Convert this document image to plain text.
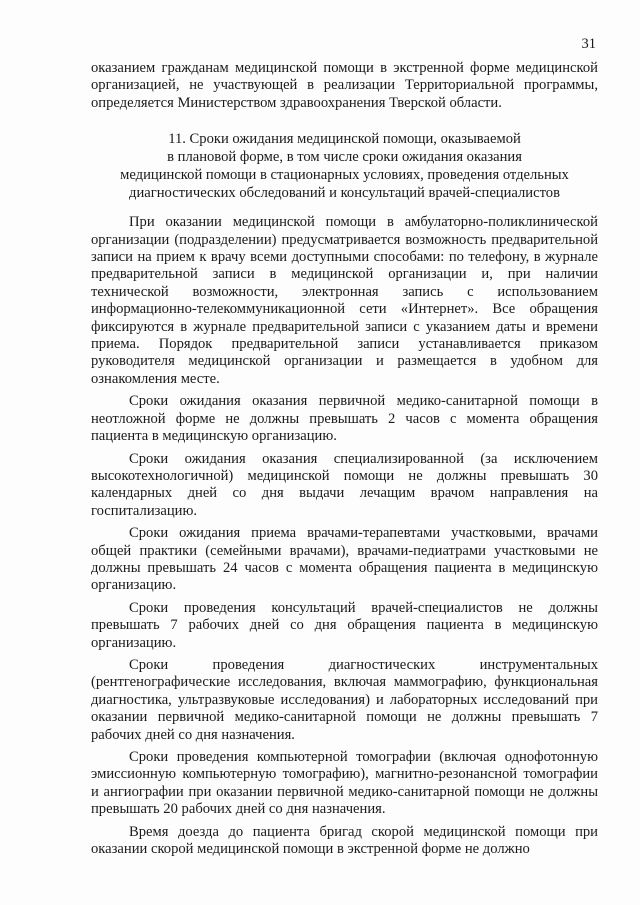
31

оказанием гражданам медицинской помощи в экстренной форме медицинской организацией, не участвующей в реализации Территориальной программы, определяется Министерством здравоохранения Тверской области.

11. Сроки ожидания медицинской помощи, оказываемой
в плановой форме, в том числе сроки ожидания оказания
медицинской помощи в стационарных условиях, проведения отдельных
диагностических обследований и консультаций врачей-специалистов

При оказании медицинской помощи в амбулаторно-поликлинической организации (подразделении) предусматривается возможность предварительной записи на прием к врачу всеми доступными способами: по телефону, в журнале предварительной записи в медицинской организации и, при наличии технической возможности, электронная запись с использованием информационно-телекоммуникационной сети «Интернет». Все обращения фиксируются в журнале предварительной записи с указанием даты и времени приема. Порядок предварительной записи устанавливается приказом руководителя медицинской организации и размещается в удобном для ознакомления месте.

Сроки ожидания оказания первичной медико-санитарной помощи в неотложной форме не должны превышать 2 часов с момента обращения пациента в медицинскую организацию.

Сроки ожидания оказания специализированной (за исключением высокотехнологичной) медицинской помощи не должны превышать 30 календарных дней со дня выдачи лечащим врачом направления на госпитализацию.

Сроки ожидания приема врачами-терапевтами участковыми, врачами общей практики (семейными врачами), врачами-педиатрами участковыми не должны превышать 24 часов с момента обращения пациента в медицинскую организацию.

Сроки проведения консультаций врачей-специалистов не должны превышать 7 рабочих дней со дня обращения пациента в медицинскую организацию.

Сроки проведения диагностических инструментальных (рентгенографические исследования, включая маммографию, функциональная диагностика, ультразвуковые исследования) и лабораторных исследований при оказании первичной медико-санитарной помощи не должны превышать 7 рабочих дней со дня назначения.

Сроки проведения компьютерной томографии (включая однофотонную эмиссионную компьютерную томографию), магнитно-резонансной томографии и ангиографии при оказании первичной медико-санитарной помощи не должны превышать 20 рабочих дней со дня назначения.

Время доезда до пациента бригад скорой медицинской помощи при оказании скорой медицинской помощи в экстренной форме не должно
